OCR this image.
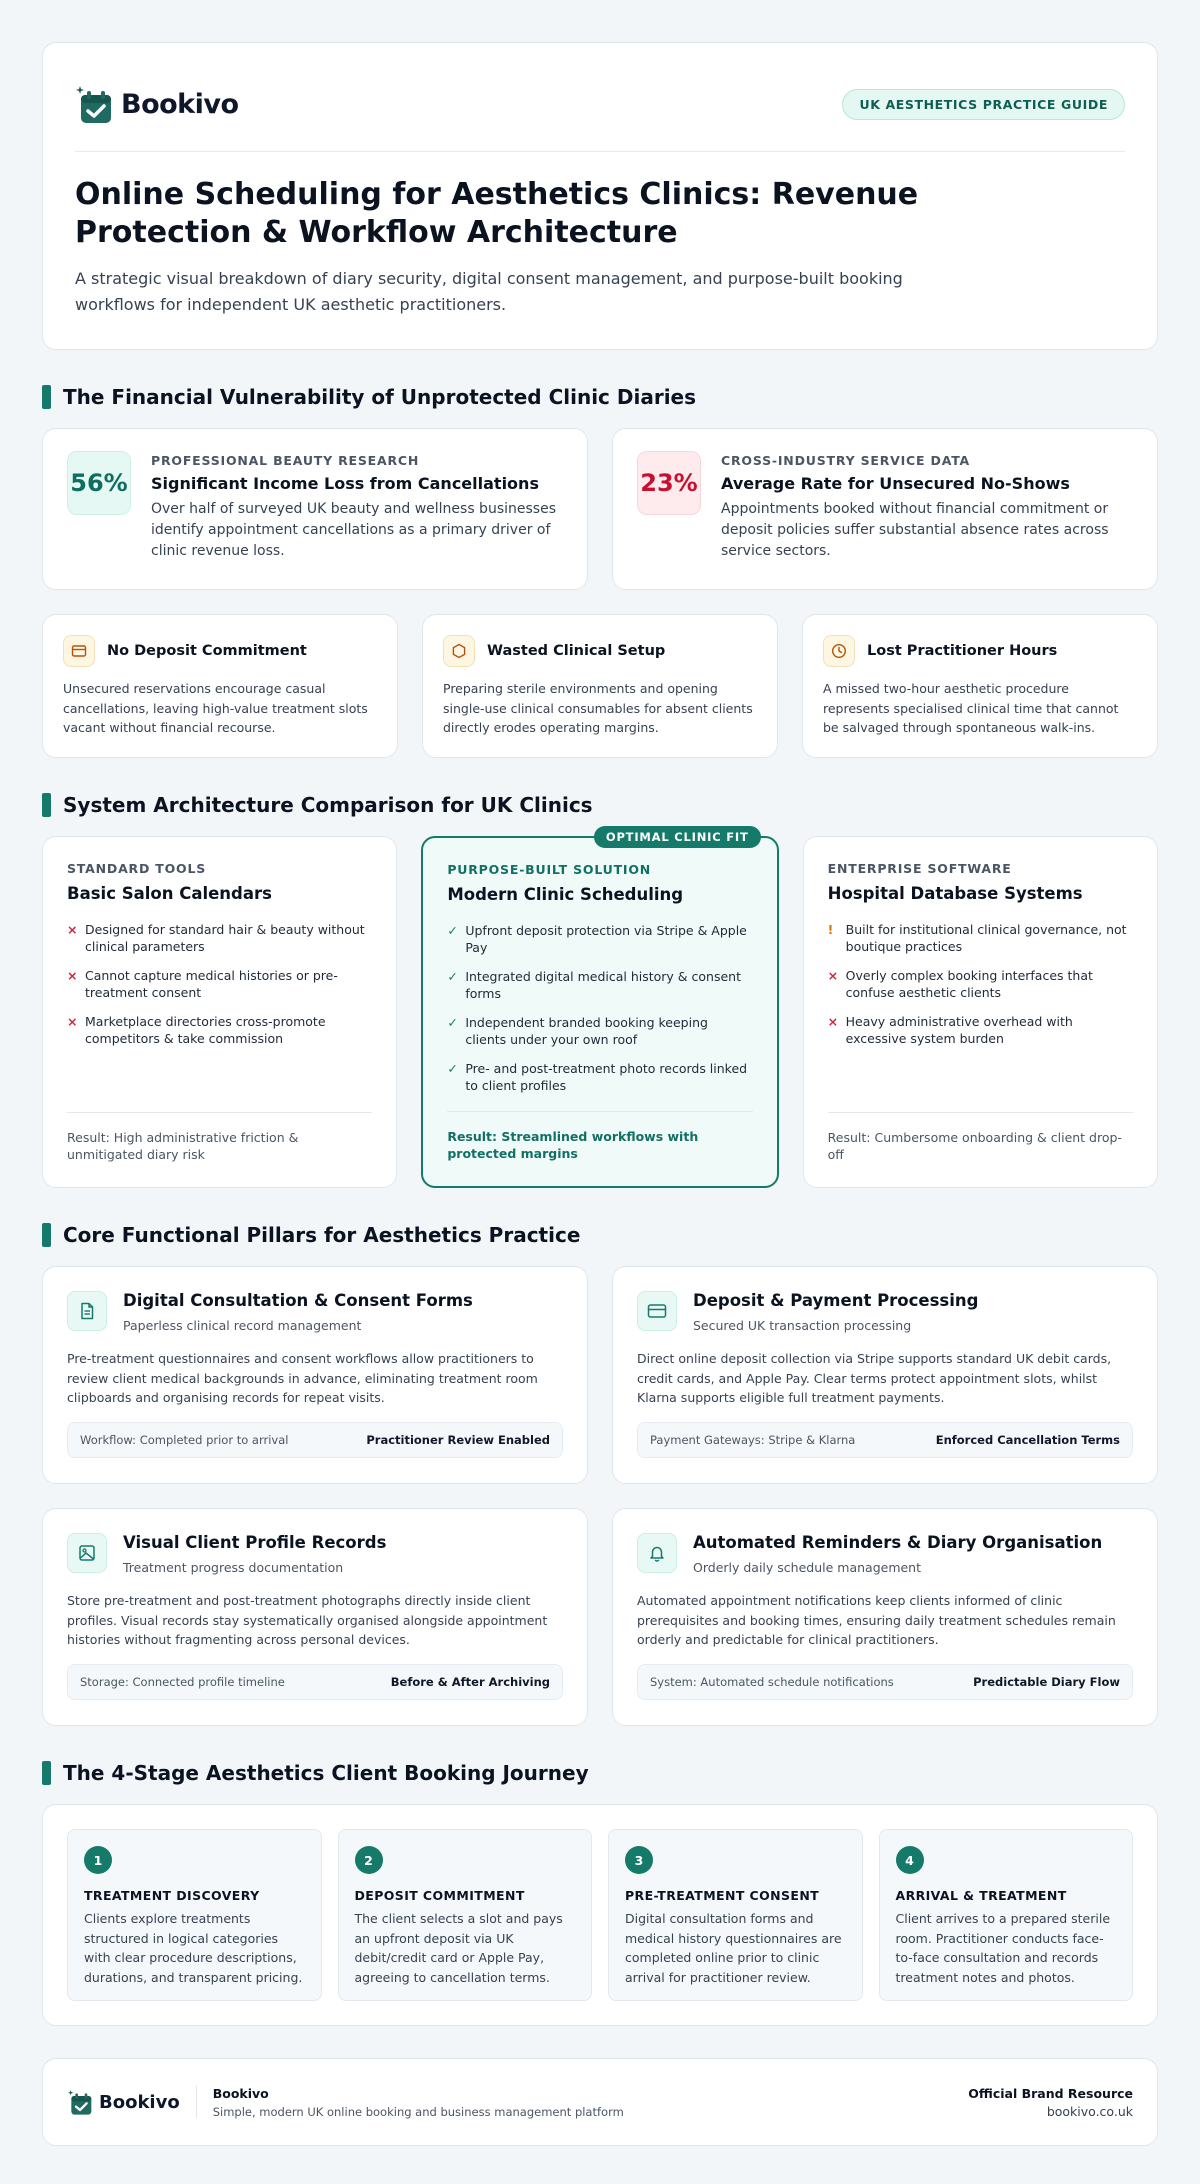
Bookivo	UK AESTHETICS PRACTICE GUIDE
Online Scheduling for Aesthetics Clinics: Revenue Protection & Workflow Architecture

A strategic visual breakdown of diary security, digital consent management, and purpose-built booking workflows for independent UK aesthetic practitioners.

The Financial Vulnerability of Unprotected Clinic Diaries
56%
PROFESSIONAL BEAUTY RESEARCH
Significant Income Loss from Cancellations
Over half of surveyed UK beauty and wellness businesses identify appointment cancellations as a primary driver of clinic revenue loss.
23%
CROSS-INDUSTRY SERVICE DATA
Average Rate for Unsecured No-Shows
Appointments booked without financial commitment or deposit policies suffer substantial absence rates across service sectors.
No Deposit Commitment
Unsecured reservations encourage casual cancellations, leaving high-value treatment slots vacant without financial recourse.
Wasted Clinical Setup
Preparing sterile environments and opening single-use clinical consumables for absent clients directly erodes operating margins.
Lost Practitioner Hours
A missed two-hour aesthetic procedure represents specialised clinical time that cannot be salvaged through spontaneous walk-ins.
System Architecture Comparison for UK Clinics
STANDARD TOOLS
Basic Salon Calendars
× Designed for standard hair & beauty without clinical parameters
× Cannot capture medical histories or pre-treatment consent
× Marketplace directories cross-promote competitors & take commission
Result: High administrative friction & unmitigated diary risk
OPTIMAL CLINIC FIT
PURPOSE-BUILT SOLUTION
Modern Clinic Scheduling
✓ Upfront deposit protection via Stripe & Apple Pay
✓ Integrated digital medical history & consent forms
✓ Independent branded booking keeping clients under your own roof
✓ Pre- and post-treatment photo records linked to client profiles
Result: Streamlined workflows with protected margins
ENTERPRISE SOFTWARE
Hospital Database Systems
! Built for institutional clinical governance, not boutique practices
× Overly complex booking interfaces that confuse aesthetic clients
× Heavy administrative overhead with excessive system burden
Result: Cumbersome onboarding & client drop-off
Core Functional Pillars for Aesthetics Practice
Digital Consultation & Consent Forms
Paperless clinical record management
Pre-treatment questionnaires and consent workflows allow practitioners to review client medical backgrounds in advance, eliminating treatment room clipboards and organising records for repeat visits.
Workflow: Completed prior to arrival	Practitioner Review Enabled
Deposit & Payment Processing
Secured UK transaction processing
Direct online deposit collection via Stripe supports standard UK debit cards, credit cards, and Apple Pay. Clear terms protect appointment slots, whilst Klarna supports eligible full treatment payments.
Payment Gateways: Stripe & Klarna	Enforced Cancellation Terms
Visual Client Profile Records
Treatment progress documentation
Store pre-treatment and post-treatment photographs directly inside client profiles. Visual records stay systematically organised alongside appointment histories without fragmenting across personal devices.
Storage: Connected profile timeline	Before & After Archiving
Automated Reminders & Diary Organisation
Orderly daily schedule management
Automated appointment notifications keep clients informed of clinic prerequisites and booking times, ensuring daily treatment schedules remain orderly and predictable for clinical practitioners.
System: Automated schedule notifications	Predictable Diary Flow
The 4-Stage Aesthetics Client Booking Journey
1
TREATMENT DISCOVERY
Clients explore treatments structured in logical categories with clear procedure descriptions, durations, and transparent pricing.
2
DEPOSIT COMMITMENT
The client selects a slot and pays an upfront deposit via UK debit/credit card or Apple Pay, agreeing to cancellation terms.
3
PRE-TREATMENT CONSENT
Digital consultation forms and medical history questionnaires are completed online prior to clinic arrival for practitioner review.
4
ARRIVAL & TREATMENT
Client arrives to a prepared sterile room. Practitioner conducts face-to-face consultation and records treatment notes and photos.
Bookivo	Bookivo
Simple, modern UK online booking and business management platform
Official Brand Resource
bookivo.co.uk
